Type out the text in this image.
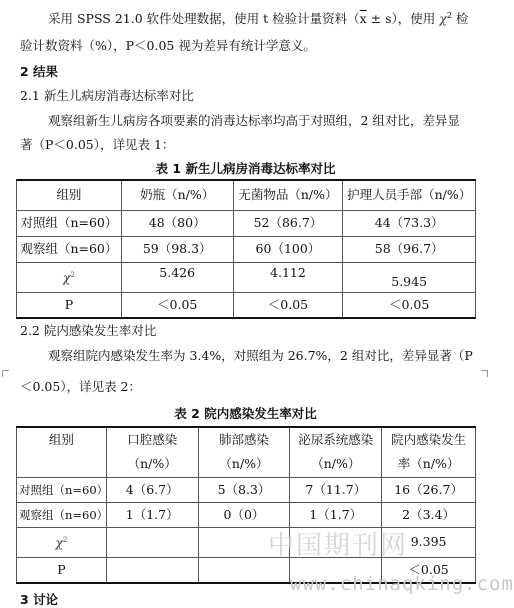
采用 SPSS 21.0 软件处理数据，使用 t 检验计量资料$(\overline{x} \pm s)$，使用 $\chi^2$ 检
验计数资料（%），P＜0.05 视为差异有统计学意义。
2 结果
2.1 新生儿病房消毒达标率对比
观察组新生儿病房各项要素的消毒达标率均高于对照组，2 组对比，差异显
著（P＜0.05），详见表 1：
表 1 新生儿病房消毒达标率对比
组别	奶瓶（n/%）	无菌物品（n/%）	护理人员手部（n/%）
对照组（n=60）	48（80）	52（86.7）	44（73.3）
观察组（n=60）	59（98.3）	60（100）	58（96.7）
$\chi^2$	5.426	4.112	5.945
P	＜0.05	＜0.05	＜0.05
2.2 院内感染发生率对比
观察组院内感染发生率为 3.4%，对照组为 26.7%，2 组对比，差异显著（P
＜0.05），详见表 2：
表 2 院内感染发生率对比
组别	口腔感染	肺部感染	泌尿系统感染	院内感染发生
	（n/%）	（n/%）	（n/%）	率（n/%）
对照组（n=60）	4（6.7）	5（8.3）	7（11.7）	16（26.7）
观察组（n=60）	1（1.7）	0（0）	1（1.7）	2（3.4）
$\chi^2$				9.395
P				＜0.05
3 讨论
中国期刊网
www.chinaqking.com
